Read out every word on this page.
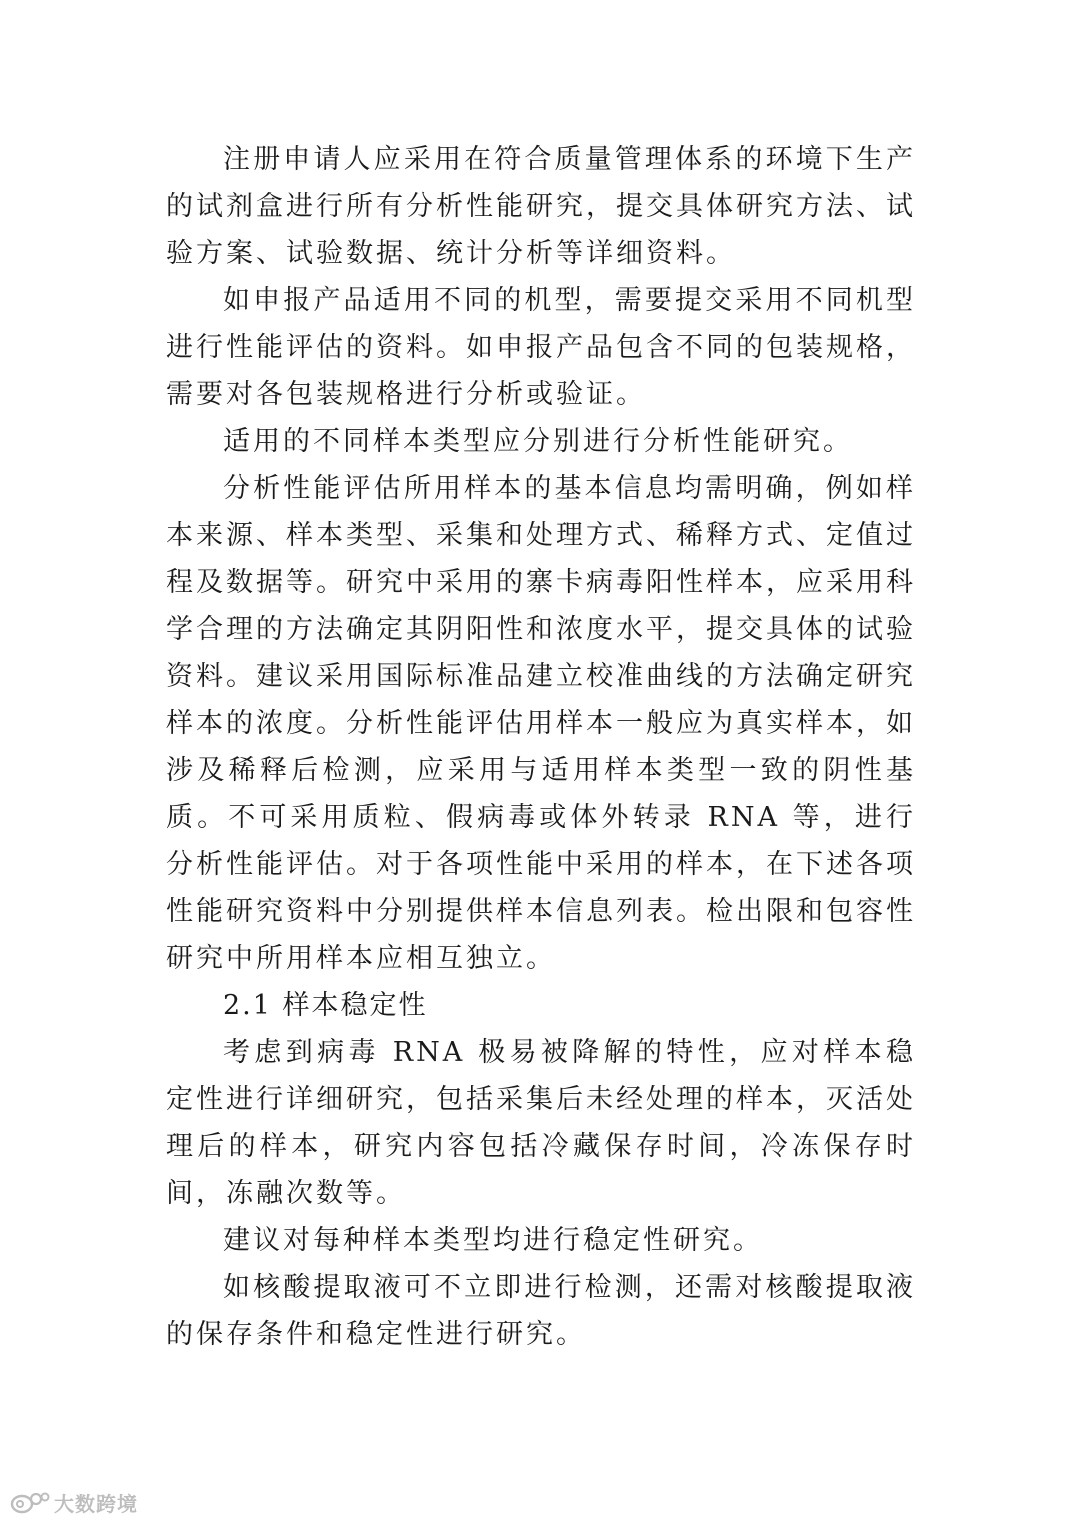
注册申请人应采用在符合质量管理体系的环境下生产的试剂盒进行所有分析性能研究，提交具体研究方法、试验方案、试验数据、统计分析等详细资料。

如申报产品适用不同的机型，需要提交采用不同机型进行性能评估的资料。如申报产品包含不同的包装规格，需要对各包装规格进行分析或验证。

适用的不同样本类型应分别进行分析性能研究。

分析性能评估所用样本的基本信息均需明确，例如样本来源、样本类型、采集和处理方式、稀释方式、定值过程及数据等。研究中采用的寨卡病毒阳性样本，应采用科学合理的方法确定其阴阳性和浓度水平，提交具体的试验资料。建议采用国际标准品建立校准曲线的方法确定研究样本的浓度。分析性能评估用样本一般应为真实样本，如涉及稀释后检测，应采用与适用样本类型一致的阴性基质。不可采用质粒、假病毒或体外转录 RNA 等，进行分析性能评估。对于各项性能中采用的样本，在下述各项性能研究资料中分别提供样本信息列表。检出限和包容性研究中所用样本应相互独立。

2.1 样本稳定性

考虑到病毒 RNA 极易被降解的特性，应对样本稳定性进行详细研究，包括采集后未经处理的样本，灭活处理后的样本，研究内容包括冷藏保存时间，冷冻保存时间，冻融次数等。

建议对每种样本类型均进行稳定性研究。

如核酸提取液可不立即进行检测，还需对核酸提取液的保存条件和稳定性进行研究。

大数跨境
